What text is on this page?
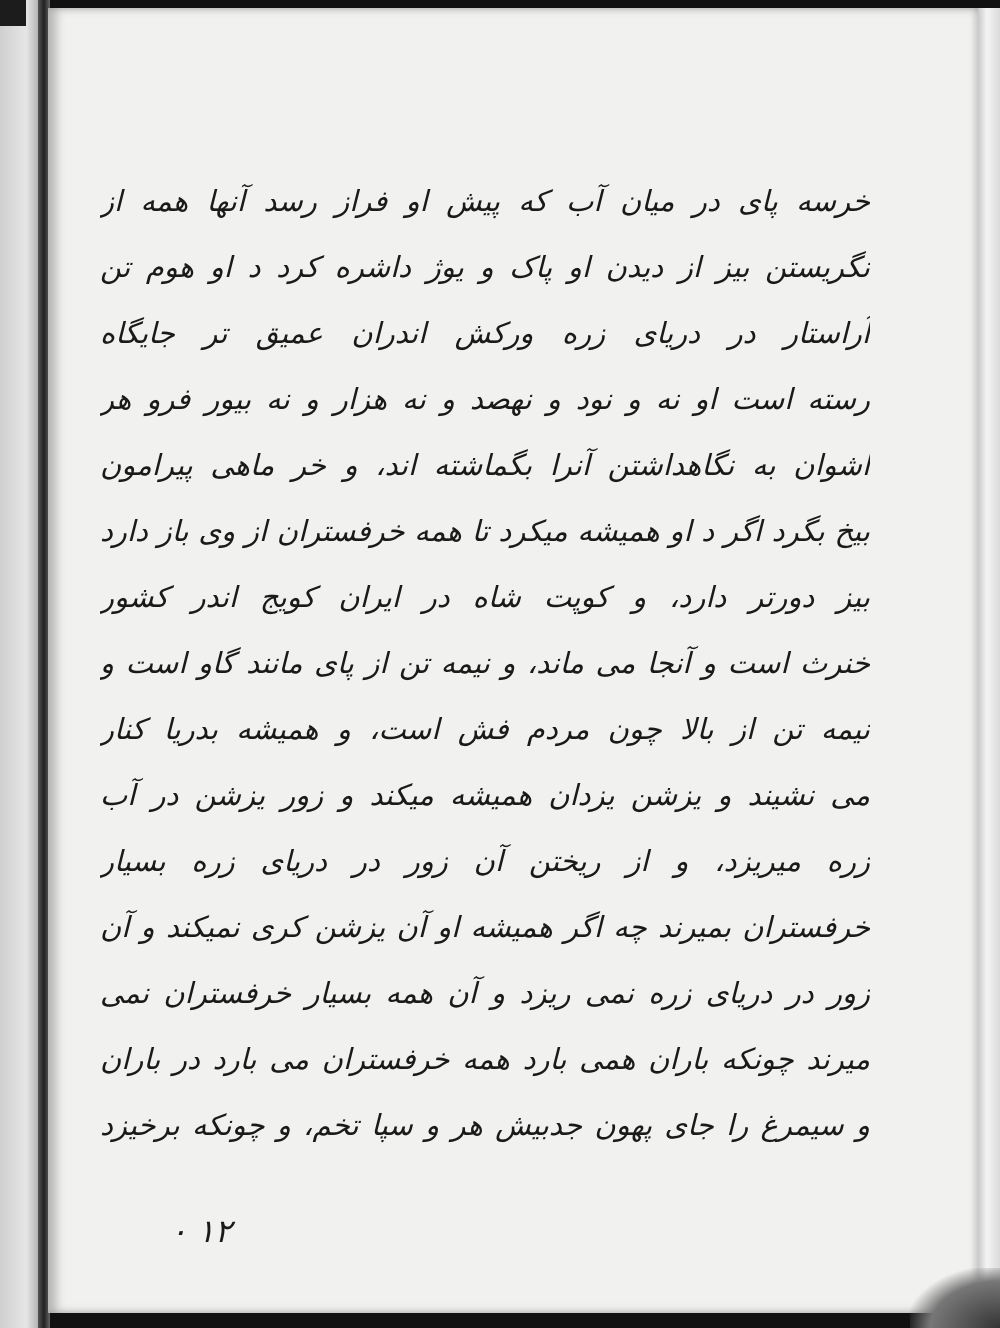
خرسه پای در میان آب که پیش او فراز رسد آنها همه از
نگریستن بیز از دیدن او پاک و یوژ داشره کرد د او هوم تن
آراستار در دریای زره ورکش اندران عمیق تر جایگاه
رسته است او نه و نود و نهصد و نه هزار و نه بیور فرو هر
اشوان به نگاهداشتن آنرا بگماشته اند، و خر ماهی پیرامون
بیخ بگرد اگر د او همیشه میکرد تا همه خرفستران از وی باز دارد
بیز دورتر دارد، و کوپت شاه در ایران کویج اندر کشور
خنرث است و آنجا می ماند، و نیمه تن از پای مانند گاو است و
نیمه تن از بالا چون مردم فش است، و همیشه بدریا کنار
می نشیند و یزشن یزدان همیشه میکند و زور یزشن در آب
زره میریزد، و از ریختن آن زور در دریای زره بسیار
خرفستران بمیرند چه اگر همیشه او آن یزشن کری نمیکند و آن
زور در دریای زره نمی ریزد و آن همه بسیار خرفستران نمی
میرند چونکه باران همی بارد همه خرفستران می بارد در باران
و سیمرغ را جای پهون جدبیش هر و سپا تخم، و چونکه برخیزد
۱۲ ۰
